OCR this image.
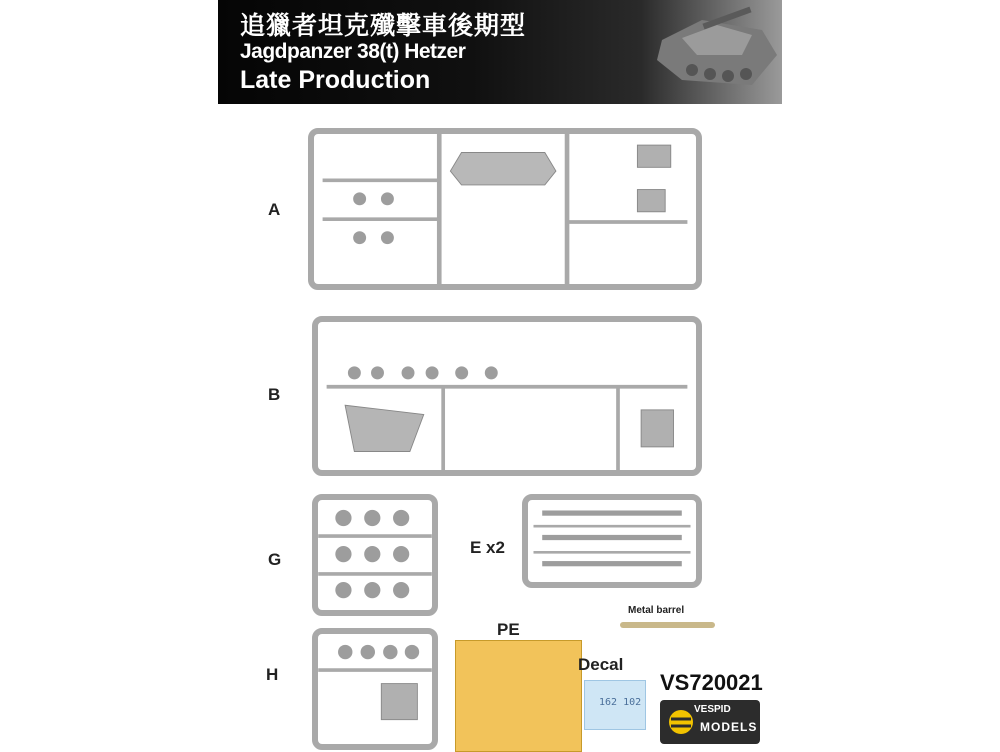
追獵者坦克殲擊車後期型
Jagdpanzer 38(t) Hetzer
Late Production
A
B
G
E x2
H
Metal barrel
PE
Decal
162 102
VS720021
VESPID
MODELS
